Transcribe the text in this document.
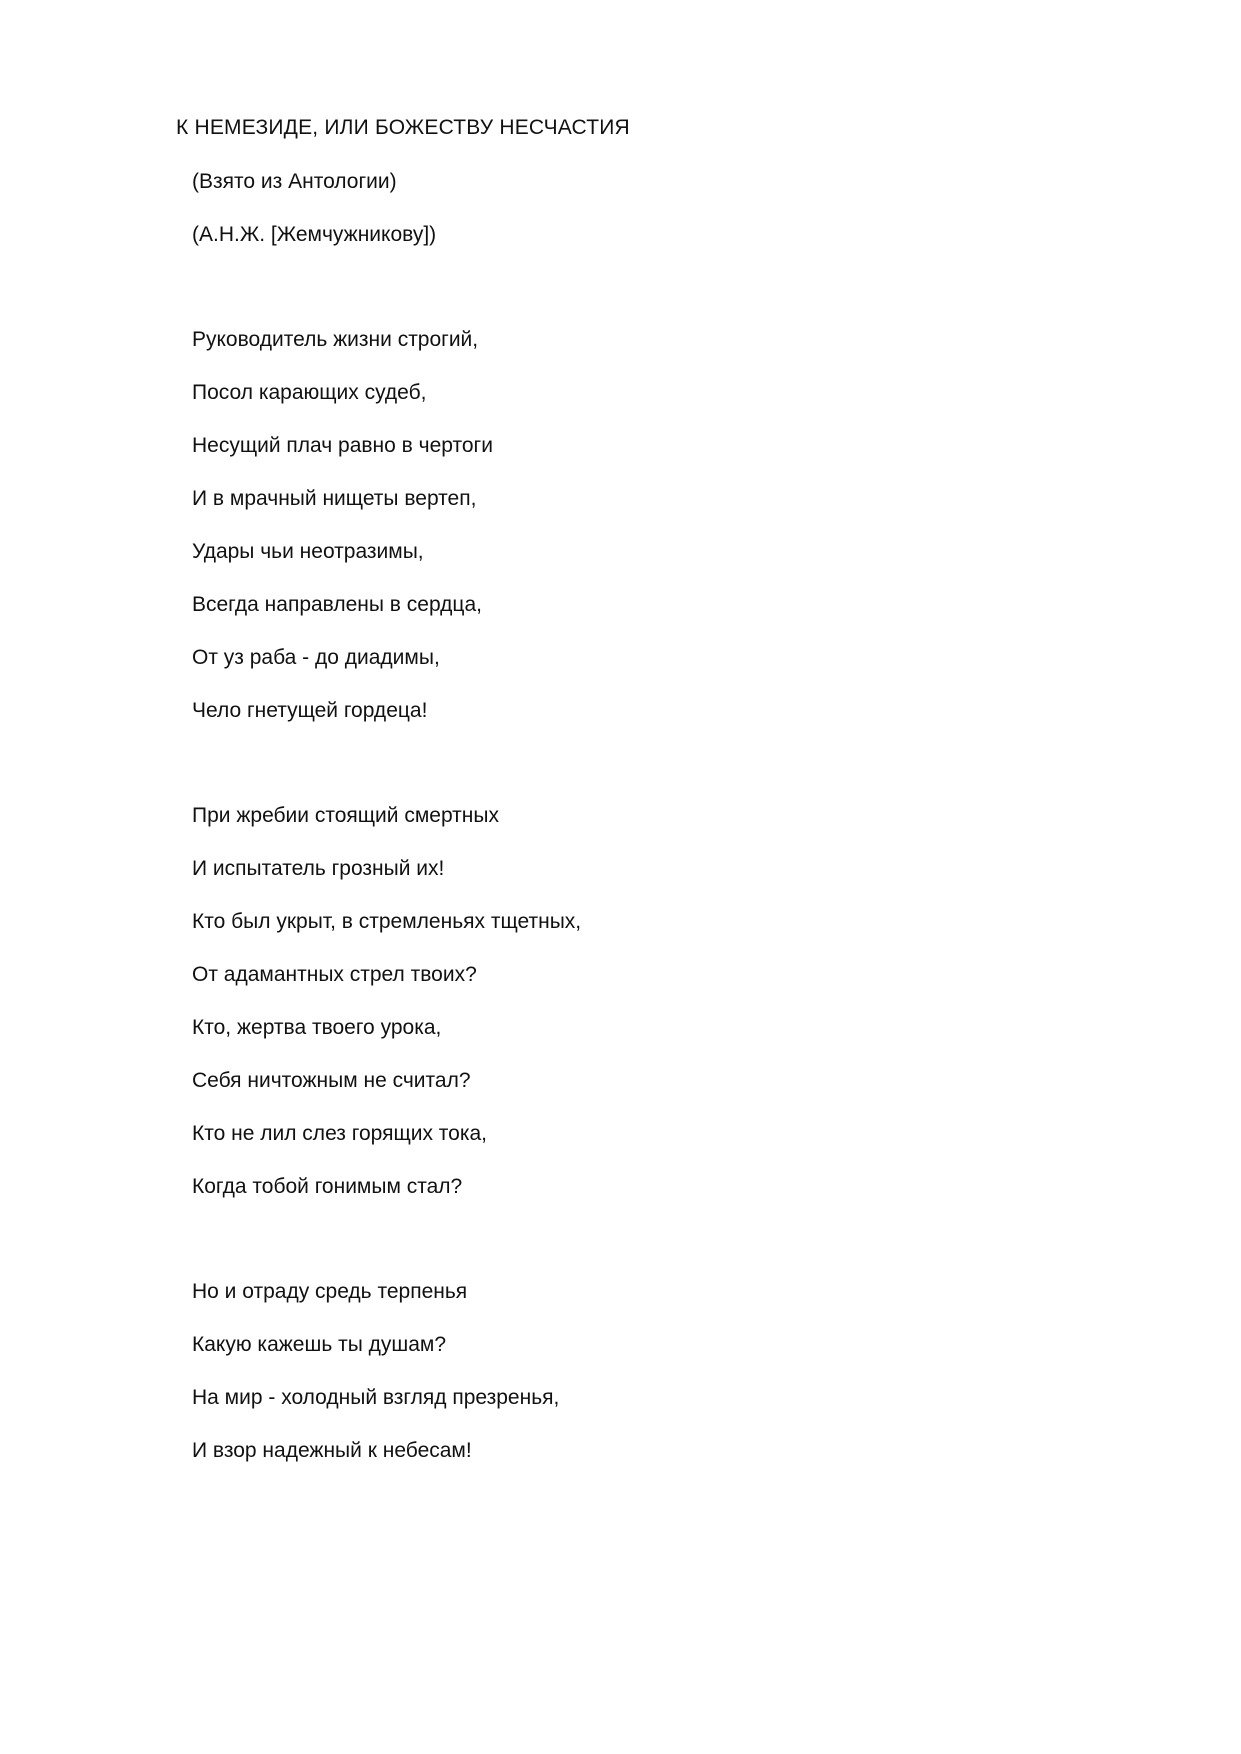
К НЕМЕЗИДЕ, ИЛИ БОЖЕСТВУ НЕСЧАСТИЯ

(Взято из Антологии)

(А.Н.Ж. [Жемчужникову])

Руководитель жизни строгий,

Посол карающих судеб,

Несущий плач равно в чертоги

И в мрачный нищеты вертеп,

Удары чьи неотразимы,

Всегда направлены в сердца,

От уз раба - до диадимы,

Чело гнетущей гордеца!

При жребии стоящий смертных

И испытатель грозный их!

Кто был укрыт, в стремленьях тщетных,

От адамантных стрел твоих?

Кто, жертва твоего урока,

Себя ничтожным не считал?

Кто не лил слез горящих тока,

Когда тобой гонимым стал?

Но и отраду средь терпенья

Какую кажешь ты душам?

На мир - холодный взгляд презренья,

И взор надежный к небесам!
